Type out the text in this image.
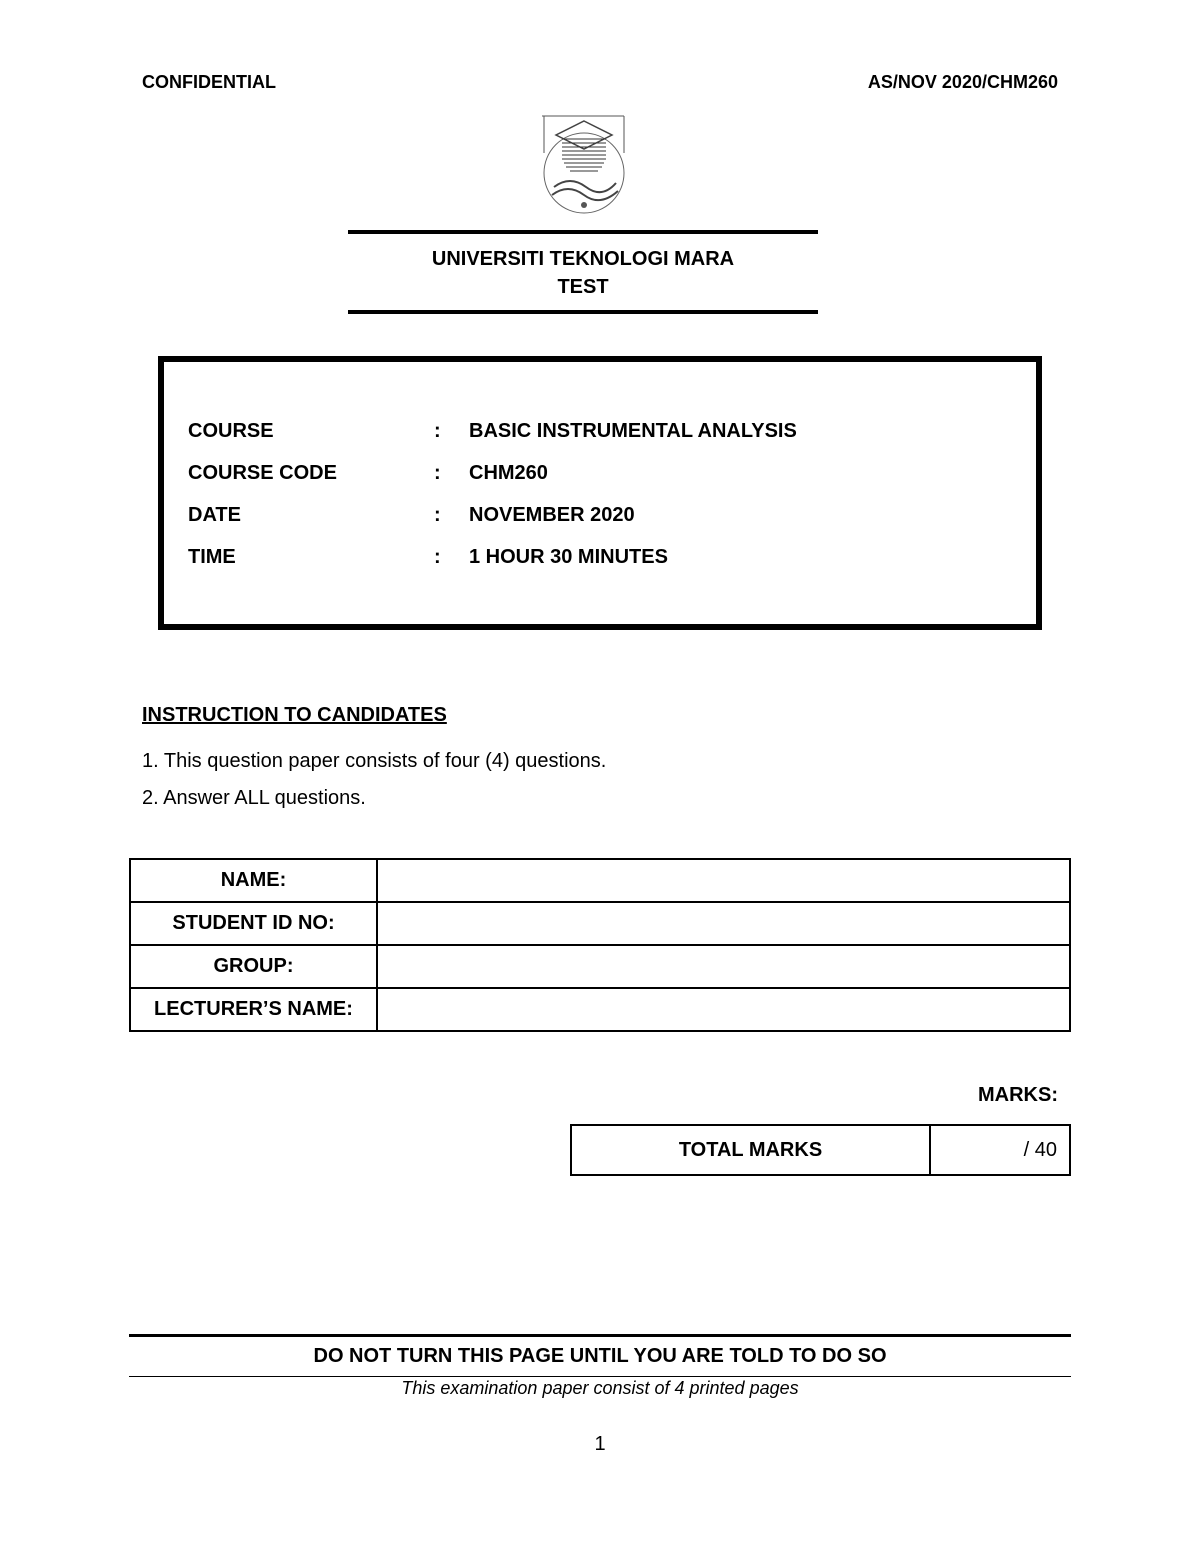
CONFIDENTIAL	AS/NOV 2020/CHM260
UNIVERSITI TEKNOLOGI MARA
TEST
COURSE	: BASIC INSTRUMENTAL ANALYSIS
COURSE CODE	: CHM260
DATE	: NOVEMBER 2020
TIME	: 1 HOUR 30 MINUTES
INSTRUCTION TO CANDIDATES
1. This question paper consists of four (4) questions.
2. Answer ALL questions.
NAME:	
STUDENT ID NO:	
GROUP:	
LECTURER’S NAME:	
MARKS:
TOTAL MARKS	/ 40
DO NOT TURN THIS PAGE UNTIL YOU ARE TOLD TO DO SO
This examination paper consist of 4 printed pages
1
